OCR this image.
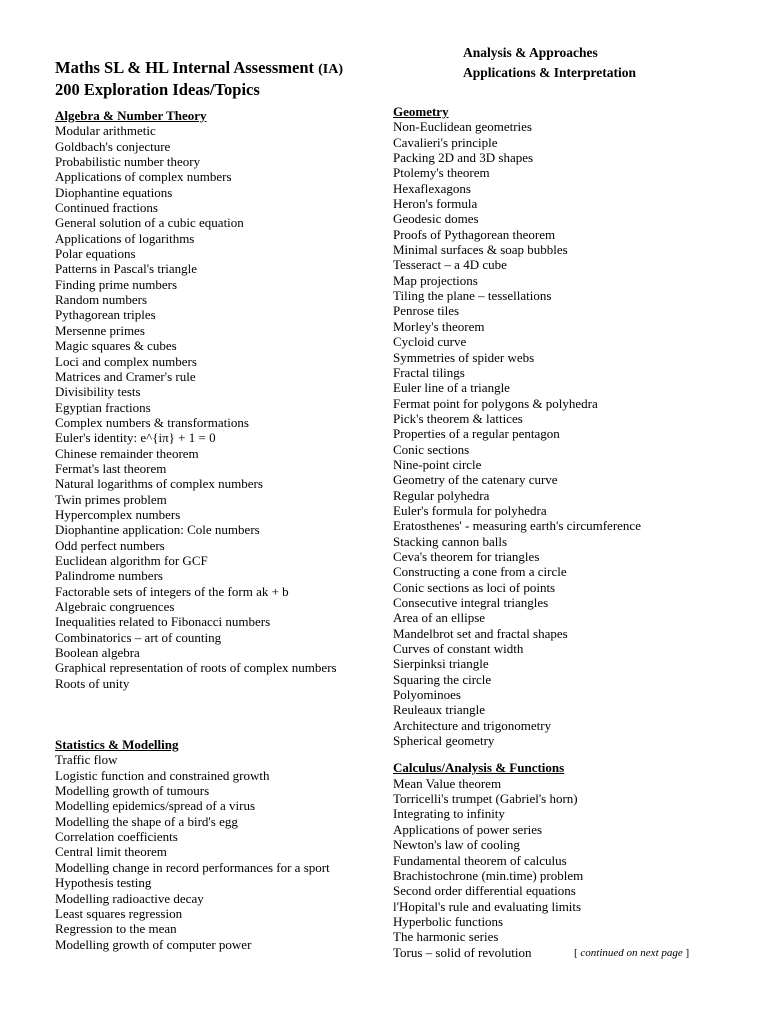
Analysis & Approaches
Applications & Interpretation
Maths SL & HL Internal Assessment (IA)
200 Exploration Ideas/Topics
Algebra & Number Theory
Modular arithmetic
Goldbach's conjecture
Probabilistic number theory
Applications of complex numbers
Diophantine equations
Continued fractions
General solution of a cubic equation
Applications of logarithms
Polar equations
Patterns in Pascal's triangle
Finding prime numbers
Random numbers
Pythagorean triples
Mersenne primes
Magic squares & cubes
Loci and complex numbers
Matrices and Cramer's rule
Divisibility tests
Egyptian fractions
Complex numbers & transformations
Euler's identity: e^{iπ} + 1 = 0
Chinese remainder theorem
Fermat's last theorem
Natural logarithms of complex numbers
Twin primes problem
Hypercomplex numbers
Diophantine application: Cole numbers
Odd perfect numbers
Euclidean algorithm for GCF
Palindrome numbers
Factorable sets of integers of the form ak + b
Algebraic congruences
Inequalities related to Fibonacci numbers
Combinatorics – art of counting
Boolean algebra
Graphical representation of roots of complex numbers
Roots of unity
Statistics & Modelling
Traffic flow
Logistic function and constrained growth
Modelling growth of tumours
Modelling epidemics/spread of a virus
Modelling the shape of a bird's egg
Correlation coefficients
Central limit theorem
Modelling change in record performances for a sport
Hypothesis testing
Modelling radioactive decay
Least squares regression
Regression to the mean
Modelling growth of computer power
Geometry
Non-Euclidean geometries
Cavalieri's principle
Packing 2D and 3D shapes
Ptolemy's theorem
Hexaflexagons
Heron's formula
Geodesic domes
Proofs of Pythagorean theorem
Minimal surfaces & soap bubbles
Tesseract – a 4D cube
Map projections
Tiling the plane – tessellations
Penrose tiles
Morley's theorem
Cycloid curve
Symmetries of spider webs
Fractal tilings
Euler line of a triangle
Fermat point for polygons & polyhedra
Pick's theorem & lattices
Properties of a regular pentagon
Conic sections
Nine-point circle
Geometry of the catenary curve
Regular polyhedra
Euler's formula for polyhedra
Eratosthenes' - measuring earth's circumference
Stacking cannon balls
Ceva's theorem for triangles
Constructing a cone from a circle
Conic sections as loci of points
Consecutive integral triangles
Area of an ellipse
Mandelbrot set and fractal shapes
Curves of constant width
Sierpinksi triangle
Squaring the circle
Polyominoes
Reuleaux triangle
Architecture and trigonometry
Spherical geometry
Calculus/Analysis & Functions
Mean Value theorem
Torricelli's trumpet (Gabriel's horn)
Integrating to infinity
Applications of power series
Newton's law of cooling
Fundamental theorem of calculus
Brachistochrone (min.time) problem
Second order differential equations
l'Hopital's rule and evaluating limits
Hyperbolic functions
The harmonic series
Torus – solid of revolution	[ continued on next page ]
